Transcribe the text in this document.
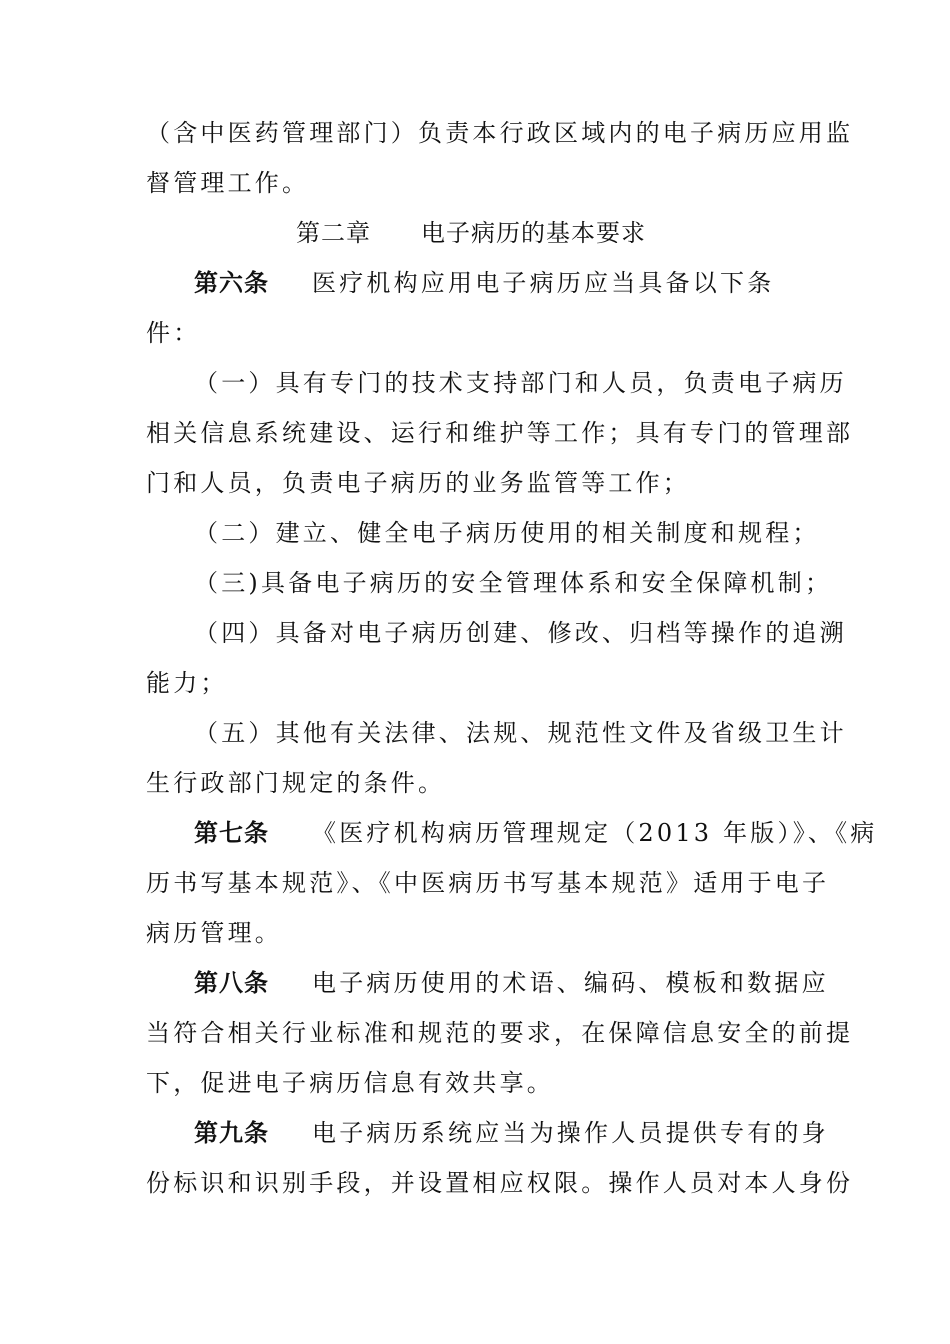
（含中医药管理部门）负责本行政区域内的电子病历应用监
督管理工作。
第二章 电子病历的基本要求
第六条 医疗机构应用电子病历应当具备以下条
件：
（一）具有专门的技术支持部门和人员，负责电子病历
相关信息系统建设、运行和维护等工作；具有专门的管理部
门和人员，负责电子病历的业务监管等工作；
（二）建立、健全电子病历使用的相关制度和规程；
（三)具备电子病历的安全管理体系和安全保障机制；
（四）具备对电子病历创建、修改、归档等操作的追溯
能力；
（五）其他有关法律、法规、规范性文件及省级卫生计
生行政部门规定的条件。
第七条 《医疗机构病历管理规定（2013 年版）》、《病
历书写基本规范》、《中医病历书写基本规范》适用于电子
病历管理。
第八条 电子病历使用的术语、编码、模板和数据应
当符合相关行业标准和规范的要求，在保障信息安全的前提
下，促进电子病历信息有效共享。
第九条 电子病历系统应当为操作人员提供专有的身
份标识和识别手段，并设置相应权限。操作人员对本人身份
